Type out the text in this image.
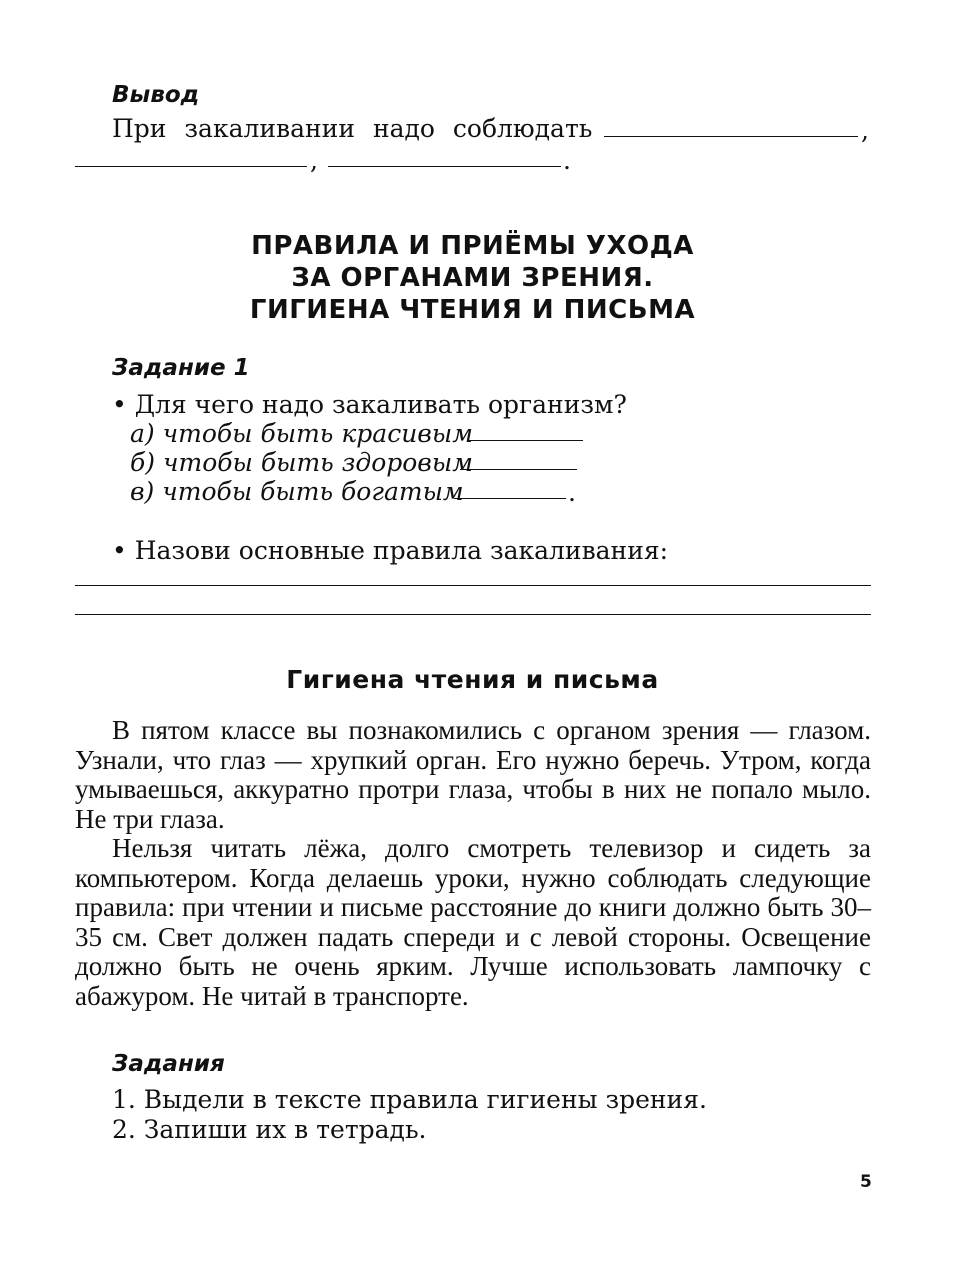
Вывод
При закаливании надо соблюдать	,
,	.
ПРАВИЛА И ПРИЁМЫ УХОДА
ЗА ОРГАНАМИ ЗРЕНИЯ.
ГИГИЕНА ЧТЕНИЯ И ПИСЬМА
Задание 1
• Для чего надо закаливать организм?
а) чтобы быть красивым
б) чтобы быть здоровым
в) чтобы быть богатым	.
• Назови основные правила закаливания:
Гигиена чтения и письма

В пятом классе вы познакомились с органом зрения — глазом. Узнали, что глаз — хрупкий орган. Его нужно беречь. Утром, когда умываешься, аккуратно протри глаза, чтобы в них не попало мыло. Не три глаза.

Нельзя читать лёжа, долго смотреть телевизор и сидеть за компьютером. Когда делаешь уроки, нужно соблюдать следующие правила: при чтении и письме расстояние до книги должно быть 30–35 см. Свет должен падать спереди и с левой стороны. Освещение должно быть не очень ярким. Лучше использовать лампочку с абажуром. Не читай в транспорте.

Задания
1. Выдели в тексте правила гигиены зрения.
2. Запиши их в тетрадь.
5
